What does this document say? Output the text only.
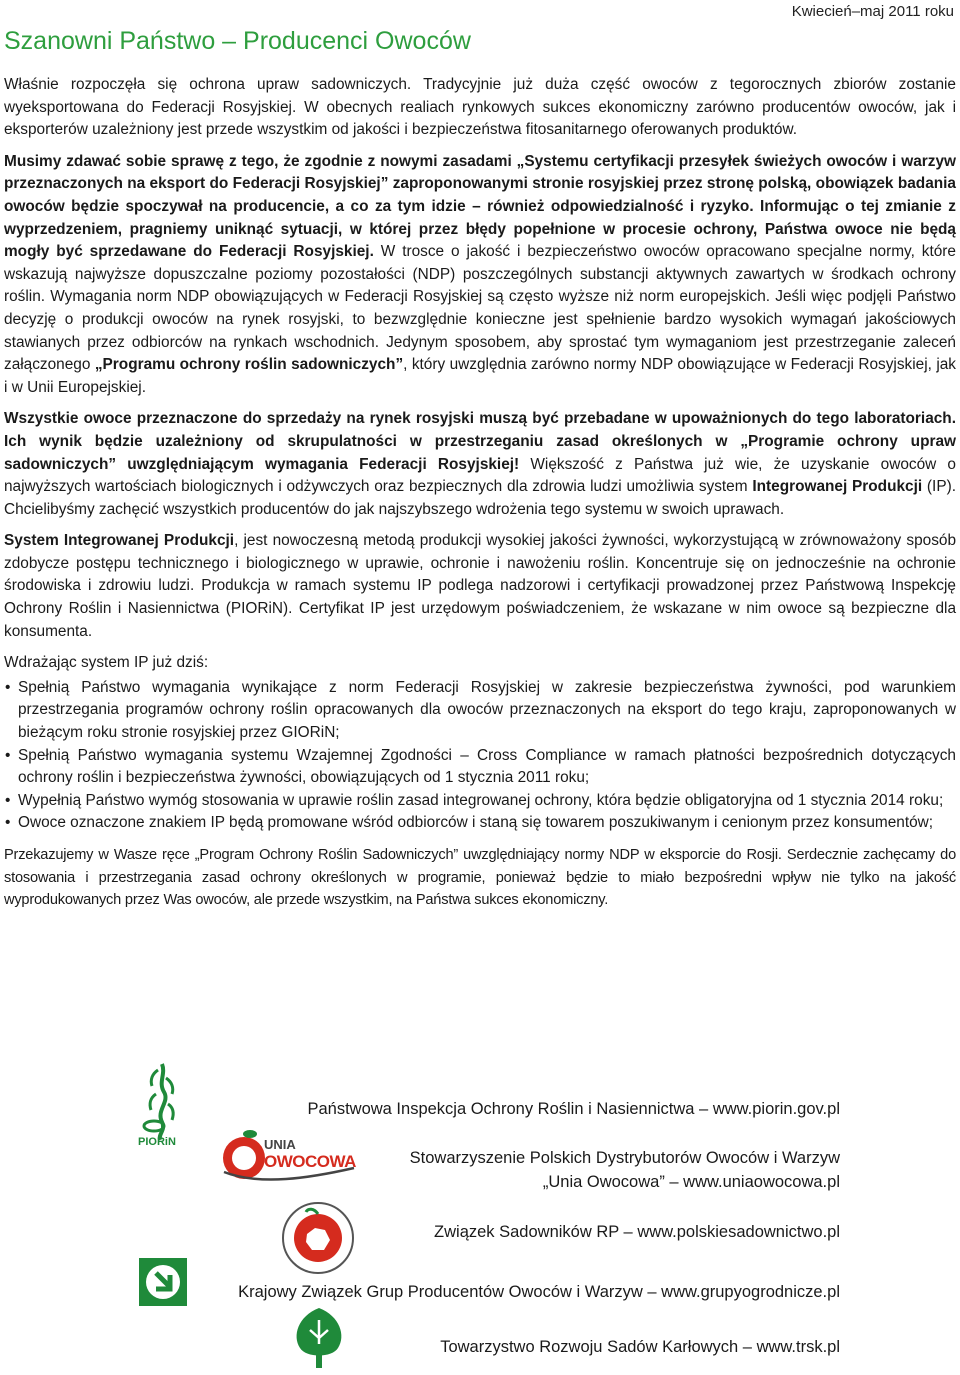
Kwiecień–maj 2011 roku
Szanowni Państwo – Producenci Owoców

Właśnie rozpoczęła się ochrona upraw sadowniczych. Tradycyjnie już duża część owoców z tegorocznych zbiorów zostanie wyeksportowana do Federacji Rosyjskiej. W obecnych realiach rynkowych sukces ekonomiczny zarówno producentów owoców, jak i eksporterów uzależniony jest przede wszystkim od jakości i bezpieczeństwa fitosanitarnego oferowanych produktów.

Musimy zdawać sobie sprawę z tego, że zgodnie z nowymi zasadami „Systemu certyfikacji przesyłek świeżych owoców i warzyw przeznaczonych na eksport do Federacji Rosyjskiej” zaproponowanymi stronie rosyjskiej przez stronę polską, obowiązek badania owoców będzie spoczywał na producencie, a co za tym idzie – również odpowiedzialność i ryzyko. Informując o tej zmianie z wyprzedzeniem, pragniemy uniknąć sytuacji, w której przez błędy popełnione w procesie ochrony, Państwa owoce nie będą mogły być sprzedawane do Federacji Rosyjskiej. W trosce o jakość i bezpieczeństwo owoców opracowano specjalne normy, które wskazują najwyższe dopuszczalne poziomy pozostałości (NDP) poszczególnych substancji aktywnych zawartych w środkach ochrony roślin. Wymagania norm NDP obowiązujących w Federacji Rosyjskiej są często wyższe niż norm europejskich. Jeśli więc podjęli Państwo decyzję o produkcji owoców na rynek rosyjski, to bezwzględnie konieczne jest spełnienie bardzo wysokich wymagań jakościowych stawianych przez odbiorców na rynkach wschodnich. Jedynym sposobem, aby sprostać tym wymaganiom jest przestrzeganie zaleceń załączonego „Programu ochrony roślin sadowniczych”, który uwzględnia zarówno normy NDP obowiązujące w Federacji Rosyjskiej, jak i w Unii Europejskiej.

Wszystkie owoce przeznaczone do sprzedaży na rynek rosyjski muszą być przebadane w upoważnionych do tego laboratoriach. Ich wynik będzie uzależniony od skrupulatności w przestrzeganiu zasad określonych w „Programie ochrony upraw sadowniczych” uwzględniającym wymagania Federacji Rosyjskiej! Większość z Państwa już wie, że uzyskanie owoców o najwyższych wartościach biologicznych i odżywczych oraz bezpiecznych dla zdrowia ludzi umożliwia system Integrowanej Produkcji (IP). Chcielibyśmy zachęcić wszystkich producentów do jak najszybszego wdrożenia tego systemu w swoich uprawach.

System Integrowanej Produkcji, jest nowoczesną metodą produkcji wysokiej jakości żywności, wykorzystującą w zrównoważony sposób zdobycze postępu technicznego i biologicznego w uprawie, ochronie i nawożeniu roślin. Koncentruje się on jednocześnie na ochronie środowiska i zdrowiu ludzi. Produkcja w ramach systemu IP podlega nadzorowi i certyfikacji prowadzonej przez Państwową Inspekcję Ochrony Roślin i Nasiennictwa (PIORiN). Certyfikat IP jest urzędowym poświadczeniem, że wskazane w nim owoce są bezpieczne dla konsumenta.

Wdrażając system IP już dziś:

• Spełnią Państwo wymagania wynikające z norm Federacji Rosyjskiej w zakresie bezpieczeństwa żywności, pod warunkiem przestrzegania programów ochrony roślin opracowanych dla owoców przeznaczonych na eksport do tego kraju, zaproponowanych w bieżącym roku stronie rosyjskiej przez GIORiN;
• Spełnią Państwo wymagania systemu Wzajemnej Zgodności – Cross Compliance w ramach płatności bezpośrednich dotyczących ochrony roślin i bezpieczeństwa żywności, obowiązujących od 1 stycznia 2011 roku;
• Wypełnią Państwo wymóg stosowania w uprawie roślin zasad integrowanej ochrony, która będzie obligatoryjna od 1 stycznia 2014 roku;
• Owoce oznaczone znakiem IP będą promowane wśród odbiorców i staną się towarem poszukiwanym i cenionym przez konsumentów;

Przekazujemy w Wasze ręce „Program Ochrony Roślin Sadowniczych” uwzględniający normy NDP w eksporcie do Rosji. Serdecznie zachęcamy do stosowania i przestrzegania zasad ochrony określonych w programie, ponieważ będzie to miało bezpośredni wpływ nie tylko na jakość wyprodukowanych przez Was owoców, ale przede wszystkim, na Państwa sukces ekonomiczny.

PIORiN
Państwowa Inspekcja Ochrony Roślin i Nasiennictwa – www.piorin.gov.pl
UNIA
OWOCOWA	Stowarzyszenie Polskich Dystrybutorów Owoców i Warzyw
„Unia Owocowa” – www.uniaowocowa.pl
Związek Sadowników RP – www.polskiesadownictwo.pl
Krajowy Związek Grup Producentów Owoców i Warzyw – www.grupyogrodnicze.pl
Towarzystwo Rozwoju Sadów Karłowych – www.trsk.pl
